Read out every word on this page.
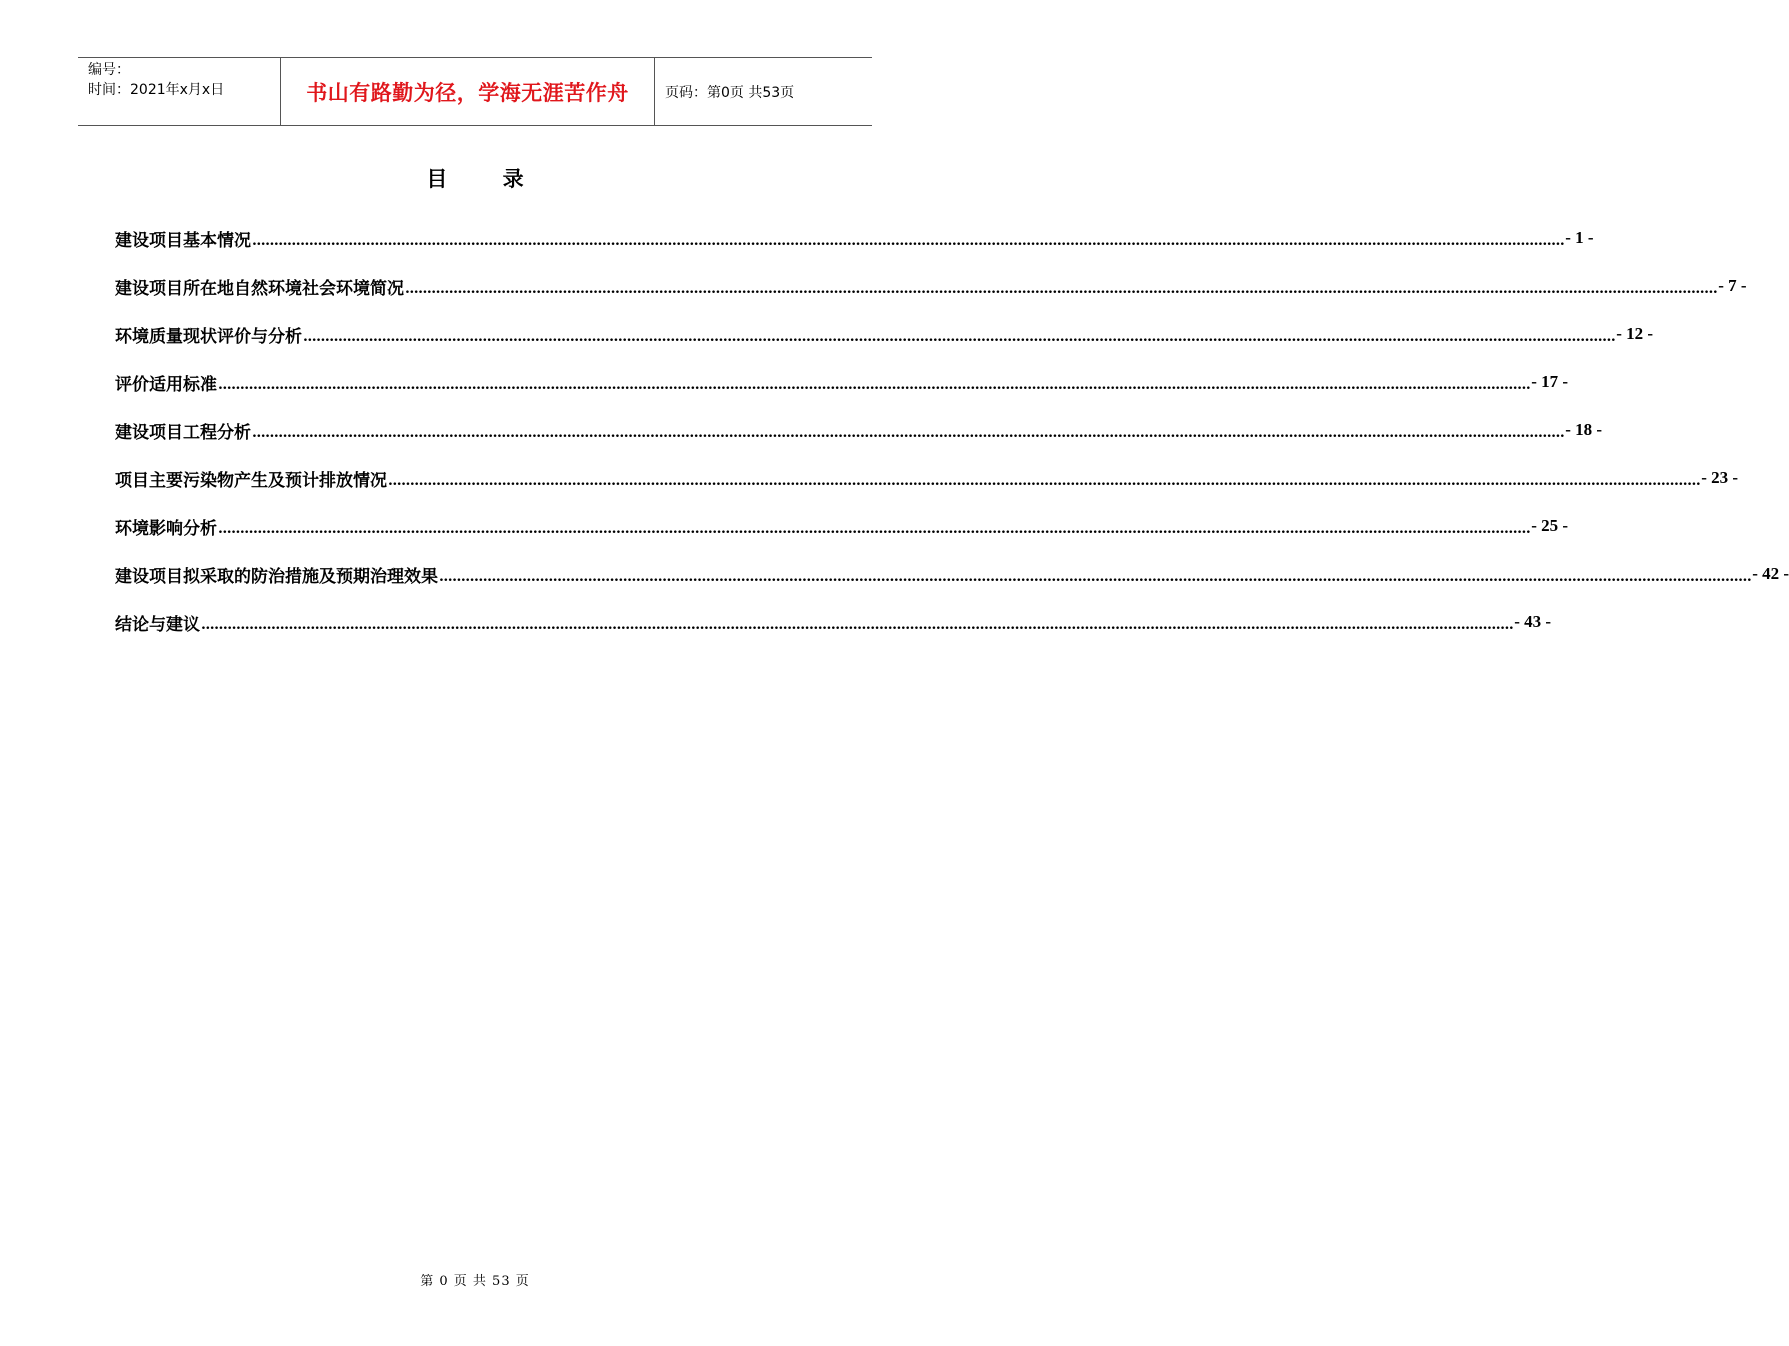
编号：
时间：2021年x月x日	书山有路勤为径，学海无涯苦作舟	页码：第0页 共53页
目 录
建设项目基本情况 ............................................................................................................................................................................................................................................................................................................ - 1 -
建设项目所在地自然环境社会环境简况 ............................................................................................................................................................................................................................................................................................................ - 7 -
环境质量现状评价与分析 ............................................................................................................................................................................................................................................................................................................ - 12 -
评价适用标准 ............................................................................................................................................................................................................................................................................................................ - 17 -
建设项目工程分析 ............................................................................................................................................................................................................................................................................................................ - 18 -
项目主要污染物产生及预计排放情况 ............................................................................................................................................................................................................................................................................................................ - 23 -
环境影响分析 ............................................................................................................................................................................................................................................................................................................ - 25 -
建设项目拟采取的防治措施及预期治理效果 ............................................................................................................................................................................................................................................................................................................ - 42 -
结论与建议 ............................................................................................................................................................................................................................................................................................................ - 43 -
第 0 页 共 53 页
